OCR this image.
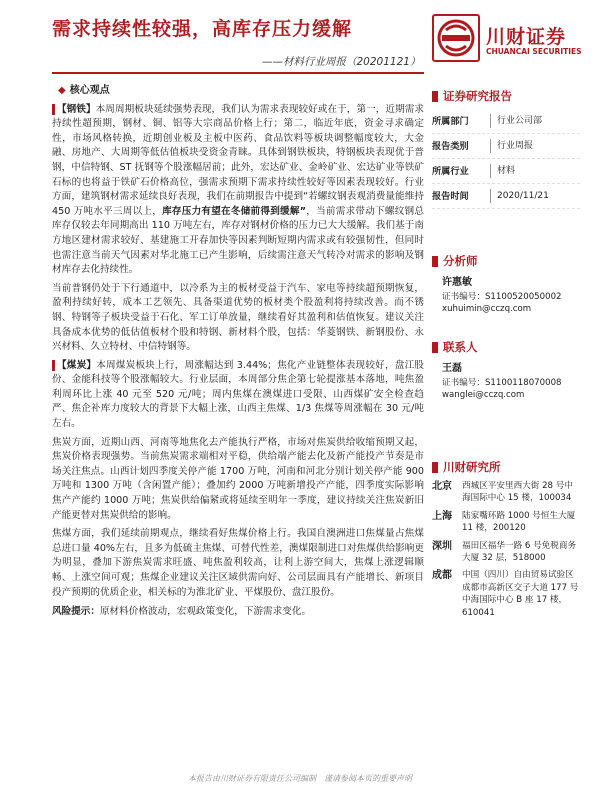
需求持续性较强，高库存压力缓解
——材料行业周报（20201121）
川财证券
CHUANCAI SECURITIES
◆ 核心观点

【钢铁】本周周期板块延续强势表现，我们认为需求表现较好或在于，第一，近期需求持续性超预期，钢材、铜、铝等大宗商品价格上行；第二，临近年底，资金寻求确定性，市场风格转换，近期创业板及主板中医药、食品饮料等板块调整幅度较大，大金融、房地产、大周期等低估值板块受资金青睐。具体到钢铁板块，特钢板块表现优于普钢，中信特钢、ST 抚钢等个股涨幅居前；此外，宏达矿业、金岭矿业、宏达矿业等铁矿石标的也将益于铁矿石价格高位，强需求预期下需求持续性较好等因素表现较好。行业方面，建筑钢材需求延续良好表现，我们在前期报告中提到“若螺纹钢表观消费量能维持 450 万吨水平三周以上，库存压力有望在冬储前得到缓解”，当前需求带动下螺纹钢总库存仅较去年同期高出 110 万吨左右，库存对钢材价格的压力已大大缓解。我们基于南方地区建材需求较好、基建施工开春加快等因素判断短期内需求或有较强韧性，但同时也需注意当前天气因素对华北施工已产生影响，后续需注意天气转冷对需求的影响及钢材库存去化持续性。

当前普钢仍处于下行通道中，以冷系为主的板材受益于汽车、家电等持续超预期恢复，盈利持续好转，成本工艺领先、具备渠道优势的板材类个股盈利将持续改善。而不锈钢、特钢等子板块受益于石化、军工订单放量，继续看好其盈利和估值恢复。建议关注具备成本优势的低估值板材个股和特钢、新材料个股，包括：华菱钢铁、新钢股份、永兴材料、久立特材、中信特钢等。

【煤炭】本周煤炭板块上行，周涨幅达到 3.44%；焦化产业链整体表现较好，盘江股份、金能科技等个股涨幅较大。行业层面，本周部分焦企第七轮提涨基本落地，吨焦盈利周环比上涨 40 元至 520 元/吨；周内焦煤在澳煤进口受限、山西煤矿安全检查趋严、焦企补库力度较大的背景下大幅上涨，山西主焦煤、1/3 焦煤等周涨幅在 30 元/吨左右。

焦炭方面，近期山西、河南等地焦化去产能执行严格，市场对焦炭供给收缩预期又起，焦炭价格表现强势。当前焦炭需求端相对平稳，供给端产能去化及新产能投产节奏是市场关注焦点。山西计划四季度关停产能 1700 万吨，河南和河北分别计划关停产能 900 万吨和 1300 万吨（含闲置产能）；叠加约 2000 万吨新增投产产能，四季度实际影响焦产产能约 1000 万吨；焦炭供给偏紧或将延续至明年一季度，建议持续关注焦炭新旧产能更替对焦炭供给的影响。

焦煤方面，我们延续前期观点，继续看好焦煤价格上行。我国自澳洲进口焦煤量占焦煤总进口量 40%左右，且多为低硫主焦煤、可替代性差，澳煤限制进口对焦煤供给影响更为明显，叠加下游焦炭需求旺盛、吨焦盈利较高，让利上游空间大，焦煤上涨逻辑顺畅、上涨空间可观；焦煤企业建议关注区域供需向好、公司层面具有产能增长、新项目投产预期的优质企业，相关标的为淮北矿业、平煤股份、盘江股份。

风险提示：原材料价格波动，宏观政策变化，下游需求变化。

证券研究报告
所属部门	行业公司部
报告类别	行业周报
所属行业	材料
报告时间	2020/11/21
分析师
许惠敏
证书编号：S1100520050002
xuhuimin@cczq.com
联系人
王磊
证书编号：S1100118070008
wanglei@cczq.com
川财研究所
北京	西城区平安里西大街 28 号中海国际中心 15 楼，100034
上海	陆家嘴环路 1000 号恒生大厦 11 楼，200120
深圳	福田区福华一路 6 号免税商务大厦 32 层，518000
成都	中国（四川）自由贸易试验区成都市高新区交子大道 177 号中海国际中心 B 座 17 楼，610041
本报告由川财证券有限责任公司编制　谨请参阅本页的重要声明
